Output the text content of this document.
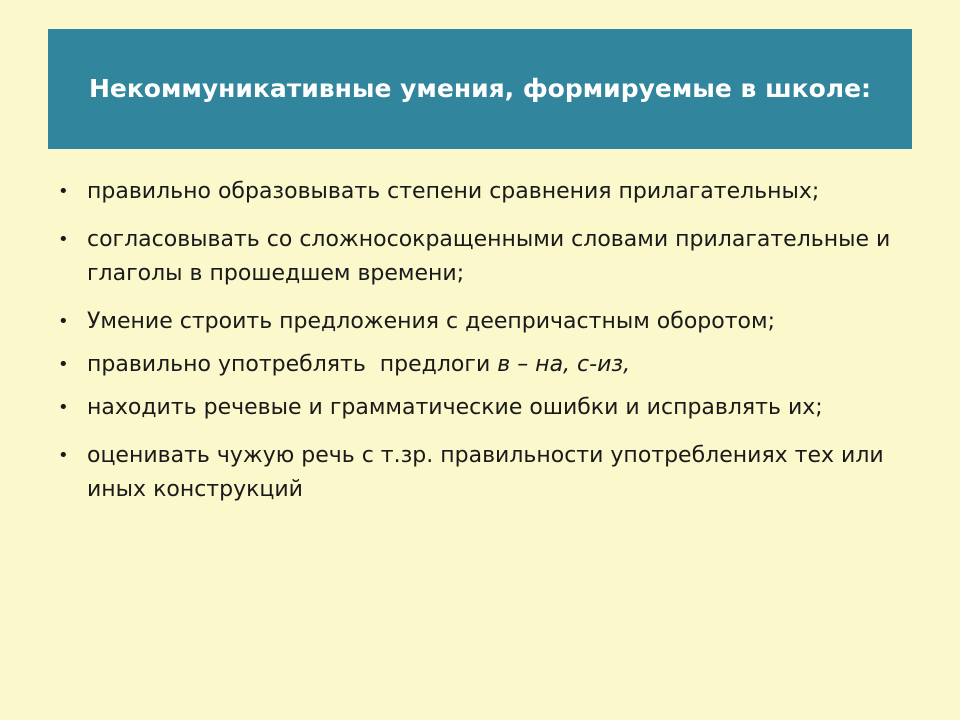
Некоммуникативные умения, формируемые в школе:
• правильно образовывать степени сравнения прилагательных;
• согласовывать со сложносокращенными словами прилагательные и глаголы в прошедшем времени;
• Умение строить предложения с деепричастным оборотом;
• правильно употреблять  предлоги в – на, с-из,
• находить речевые и грамматические ошибки и исправлять их;
• оценивать чужую речь с т.зр. правильности употреблениях тех или иных конструкций
